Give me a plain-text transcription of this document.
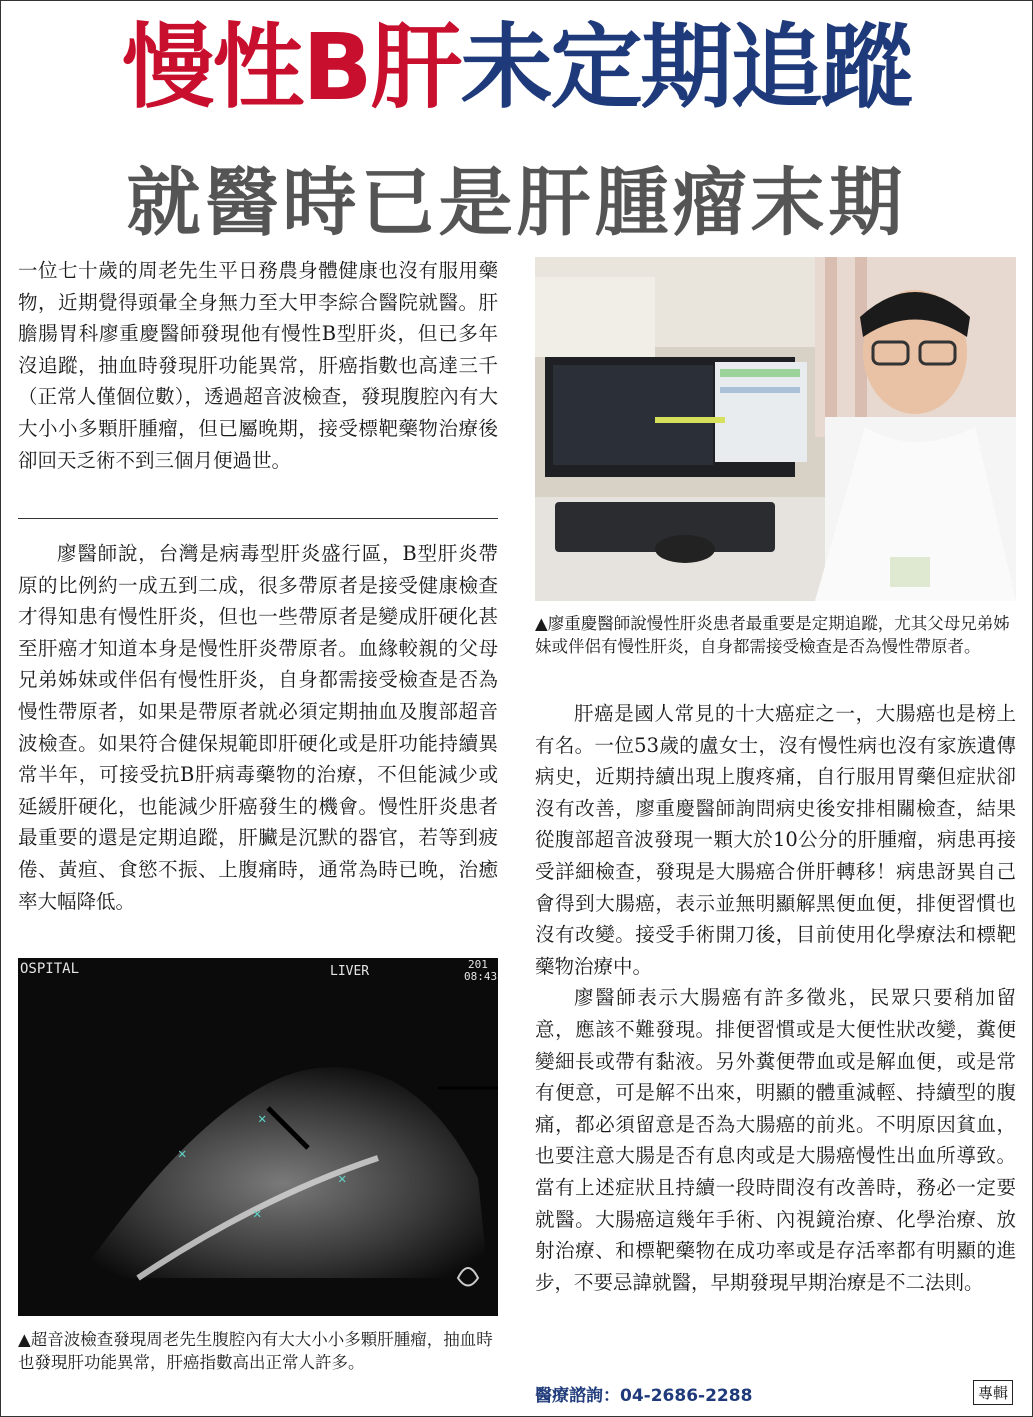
慢性B肝未定期追蹤
就醫時已是肝腫瘤末期

一位七十歲的周老先生平日務農身體健康也沒有服用藥物，近期覺得頭暈全身無力至大甲李綜合醫院就醫。肝膽腸胃科廖重慶醫師發現他有慢性B型肝炎，但已多年沒追蹤，抽血時發現肝功能異常，肝癌指數也高達三千（正常人僅個位數），透過超音波檢查，發現腹腔內有大大小小多顆肝腫瘤，但已屬晚期，接受標靶藥物治療後卻回天乏術不到三個月便過世。

廖醫師說，台灣是病毒型肝炎盛行區，B型肝炎帶原的比例約一成五到二成，很多帶原者是接受健康檢查才得知患有慢性肝炎，但也一些帶原者是變成肝硬化甚至肝癌才知道本身是慢性肝炎帶原者。血緣較親的父母兄弟姊妹或伴侶有慢性肝炎，自身都需接受檢查是否為慢性帶原者，如果是帶原者就必須定期抽血及腹部超音波檢查。如果符合健保規範即肝硬化或是肝功能持續異常半年，可接受抗B肝病毒藥物的治療，不但能減少或延緩肝硬化，也能減少肝癌發生的機會。慢性肝炎患者最重要的還是定期追蹤，肝臟是沉默的器官，若等到疲倦、黃疸、食慾不振、上腹痛時，通常為時已晚，治癒率大幅降低。

▲廖重慶醫師說慢性肝炎患者最重要是定期追蹤，尤其父母兄弟姊妹或伴侶有慢性肝炎，自身都需接受檢查是否為慢性帶原者。

肝癌是國人常見的十大癌症之一，大腸癌也是榜上有名。一位53歲的盧女士，沒有慢性病也沒有家族遺傳病史，近期持續出現上腹疼痛，自行服用胃藥但症狀卻沒有改善，廖重慶醫師詢問病史後安排相關檢查，結果從腹部超音波發現一顆大於10公分的肝腫瘤，病患再接受詳細檢查，發現是大腸癌合併肝轉移！病患訝異自己會得到大腸癌，表示並無明顯解黑便血便，排便習慣也沒有改變。接受手術開刀後，目前使用化學療法和標靶藥物治療中。

廖醫師表示大腸癌有許多徵兆，民眾只要稍加留意，應該不難發現。排便習慣或是大便性狀改變，糞便變細長或帶有黏液。另外糞便帶血或是解血便，或是常有便意，可是解不出來，明顯的體重減輕、持續型的腹痛，都必須留意是否為大腸癌的前兆。不明原因貧血，也要注意大腸是否有息肉或是大腸癌慢性出血所導致。當有上述症狀且持續一段時間沒有改善時，務必一定要就醫。大腸癌這幾年手術、內視鏡治療、化學治療、放射治療、和標靶藥物在成功率或是存活率都有明顯的進步，不要忌諱就醫，早期發現早期治療是不二法則。

✕
✕
✕
✕
OSPITAL	LIVER	201
08:43
▲超音波檢查發現周老先生腹腔內有大大小小多顆肝腫瘤，抽血時也發現肝功能異常，肝癌指數高出正常人許多。
醫療諮詢：04-2686-2288	專輯
